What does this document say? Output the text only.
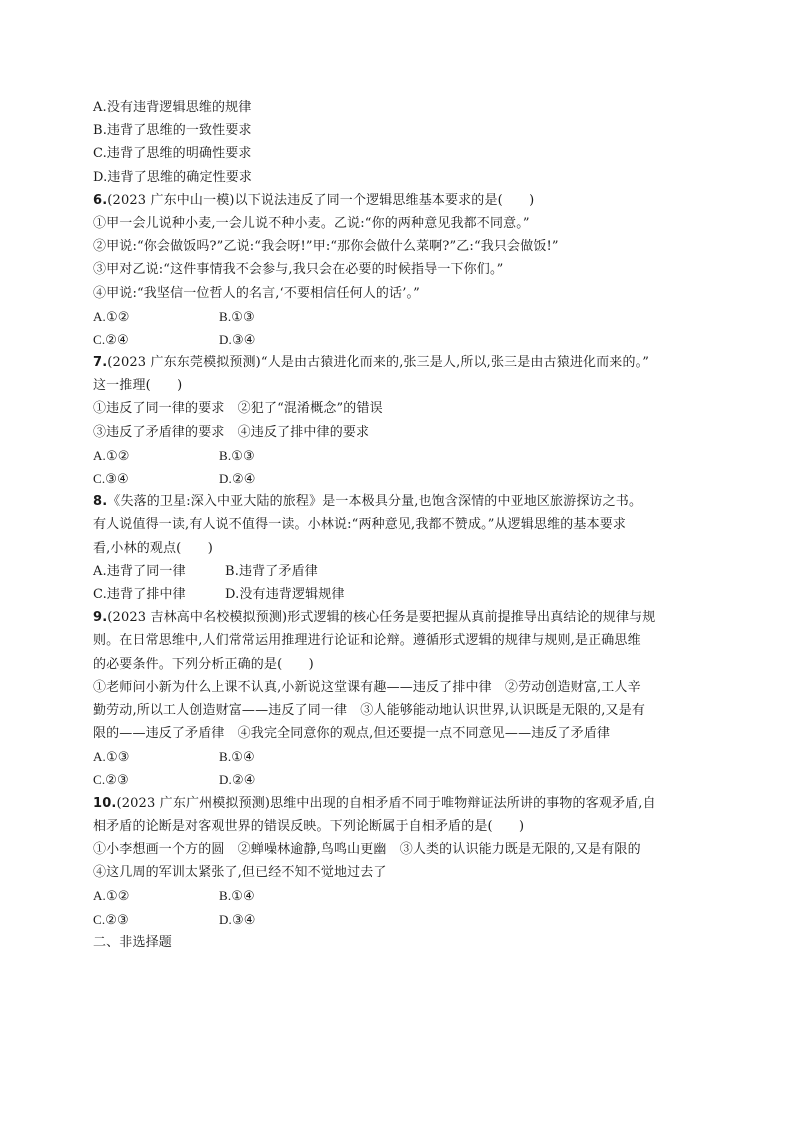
A.没有违背逻辑思维的规律
B.违背了思维的一致性要求
C.违背了思维的明确性要求
D.违背了思维的确定性要求
6.(2023 广东中山一模)以下说法违反了同一个逻辑思维基本要求的是(　　)
①甲一会儿说种小麦,一会儿说不种小麦。乙说:“你的两种意见我都不同意。”
②甲说:“你会做饭吗?”乙说:“我会呀!”甲:“那你会做什么菜啊?”乙:“我只会做饭!”
③甲对乙说:“这件事情我不会参与,我只会在必要的时候指导一下你们。”
④甲说:“我坚信一位哲人的名言,‘不要相信任何人的话’。”
A.①②	B.①③
C.②④	D.③④
7.(2023 广东东莞模拟预测)“人是由古猿进化而来的,张三是人,所以,张三是由古猿进化而来的。”
这一推理(　　)
①违反了同一律的要求　②犯了“混淆概念”的错误
③违反了矛盾律的要求　④违反了排中律的要求
A.①②	B.①③
C.③④	D.②④
8.《失落的卫星:深入中亚大陆的旅程》是一本极具分量,也饱含深情的中亚地区旅游探访之书。
有人说值得一读,有人说不值得一读。小林说:“两种意见,我都不赞成。”从逻辑思维的基本要求
看,小林的观点(　　)
A.违背了同一律	B.违背了矛盾律
C.违背了排中律	D.没有违背逻辑规律
9.(2023 吉林高中名校模拟预测)形式逻辑的核心任务是要把握从真前提推导出真结论的规律与规
则。在日常思维中,人们常常运用推理进行论证和论辩。遵循形式逻辑的规律与规则,是正确思维
的必要条件。下列分析正确的是(　　)
①老师问小新为什么上课不认真,小新说这堂课有趣——违反了排中律　②劳动创造财富,工人辛
勤劳动,所以工人创造财富——违反了同一律　③人能够能动地认识世界,认识既是无限的,又是有
限的——违反了矛盾律　④我完全同意你的观点,但还要提一点不同意见——违反了矛盾律
A.①③	B.①④
C.②③	D.②④
10.(2023 广东广州模拟预测)思维中出现的自相矛盾不同于唯物辩证法所讲的事物的客观矛盾,自
相矛盾的论断是对客观世界的错误反映。下列论断属于自相矛盾的是(　　)
①小李想画一个方的圆　②蝉噪林逾静,鸟鸣山更幽　③人类的认识能力既是无限的,又是有限的
④这几周的军训太紧张了,但已经不知不觉地过去了
A.①②	B.①④
C.②③	D.③④
二、非选择题
